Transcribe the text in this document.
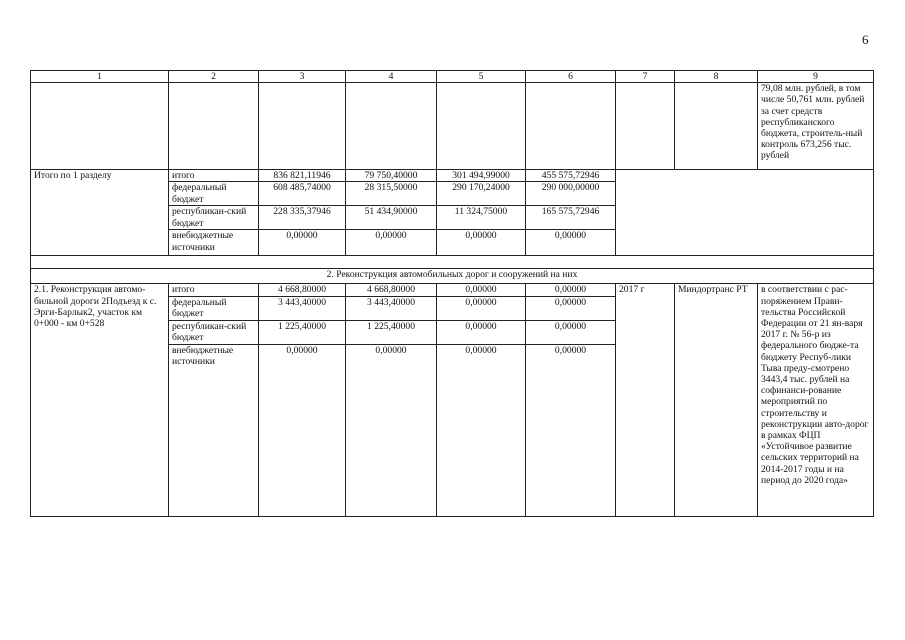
6
1	2	3	4	5	6	7	8	9
								79,08 млн. рублей, в том числе 50,761 млн. рублей за счет средств республиканского бюджета, строитель-ный контроль 673,256 тыс. рублей
Итого по 1 разделу	итого	836 821,11946	79 750,40000	301 494,99000	455 575,72946			
	федеральный бюджет	608 485,74000	28 315,50000	290 170,24000	290 000,00000			
	республикан-ский бюджет	228 335,37946	51 434,90000	11 324,75000	165 575,72946			
	внебюджетные источники	0,00000	0,00000	0,00000	0,00000			

2. Реконструкция автомобильных дорог и сооружений на них								
2.1. Реконструкция автомо-бильной дороги 2Подъезд к с. Эрги-Барлык2, участок км 0+000 - км 0+528	итого	4 668,80000	4 668,80000	0,00000	0,00000	2017 г	Миндортранс РТ	в соответствии с рас-поряжением Прави-тельства Российской Федерации от 21 ян-варя 2017 г. № 56-р из федерального бюдже-та бюджету Респуб-лики Тыва преду-смотрено 3443,4 тыс. рублей на софинанси-рование мероприятий по строительству и реконструкции авто-дорог в рамках ФЦП «Устойчивое развитие сельских территорий на 2014-2017 годы и на период до 2020 года»
	федеральный бюджет	3 443,40000	3 443,40000	0,00000	0,00000			
	республикан-ский бюджет	1 225,40000	1 225,40000	0,00000	0,00000			
	внебюджетные источники	0,00000	0,00000	0,00000	0,00000			
